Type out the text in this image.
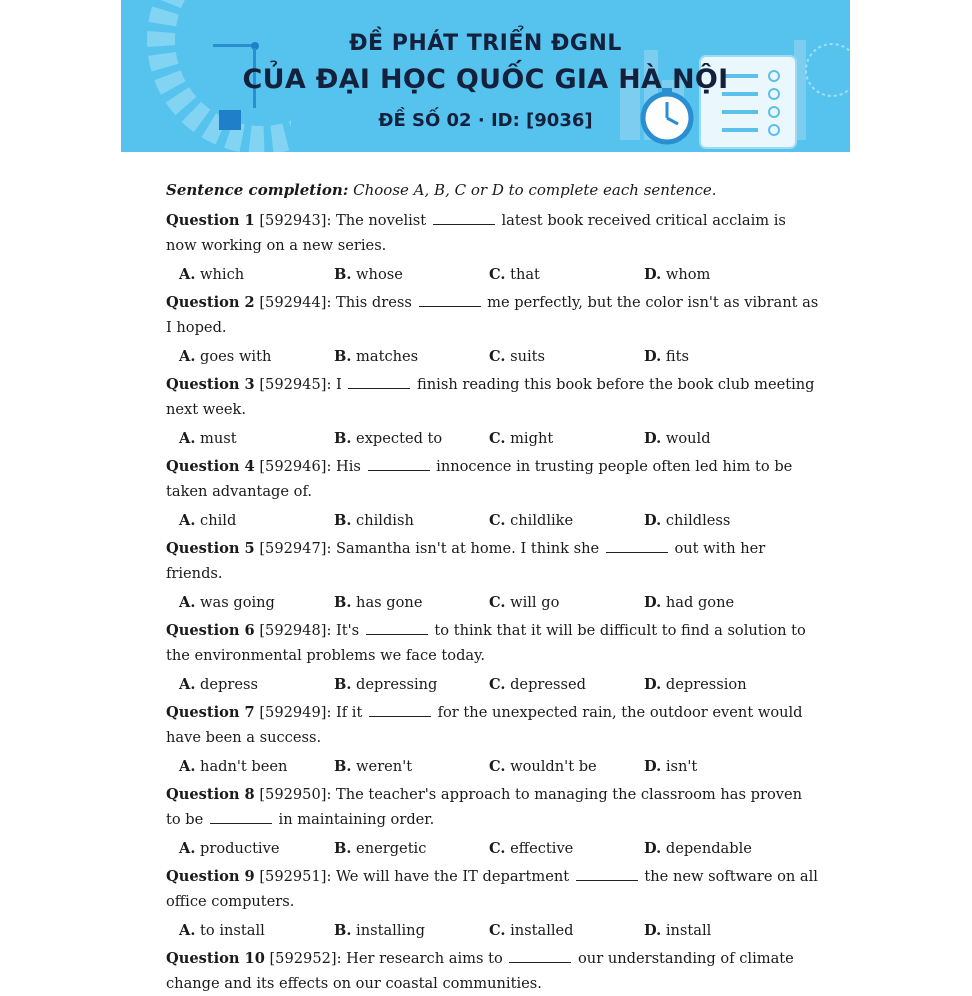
ĐỀ PHÁT TRIỂN ĐGNL
CỦA ĐẠI HỌC QUỐC GIA HÀ NỘI
ĐỀ SỐ 02 · ID: [9036]
Sentence completion: Choose A, B, C or D to complete each sentence.
Question 1 [592943]: The novelist	latest book received critical acclaim is now working on a new series.
A. which	B. whose	C. that	D. whom
Question 2 [592944]: This dress	me perfectly, but the color isn't as vibrant as I hoped.
A. goes with	B. matches	C. suits	D. fits
Question 3 [592945]: I	finish reading this book before the book club meeting next week.
A. must	B. expected to	C. might	D. would
Question 4 [592946]: His	innocence in trusting people often led him to be taken advantage of.
A. child	B. childish	C. childlike	D. childless
Question 5 [592947]: Samantha isn't at home. I think she	out with her friends.
A. was going	B. has gone	C. will go	D. had gone
Question 6 [592948]: It's	to think that it will be difficult to find a solution to the environmental problems we face today.
A. depress	B. depressing	C. depressed	D. depression
Question 7 [592949]: If it	for the unexpected rain, the outdoor event would have been a success.
A. hadn't been	B. weren't	C. wouldn't be	D. isn't
Question 8 [592950]: The teacher's approach to managing the classroom has proven to be	in maintaining order.
A. productive	B. energetic	C. effective	D. dependable
Question 9 [592951]: We will have the IT department	the new software on all office computers.
A. to install	B. installing	C. installed	D. install
Question 10 [592952]: Her research aims to	our understanding of climate change and its effects on our coastal communities.
